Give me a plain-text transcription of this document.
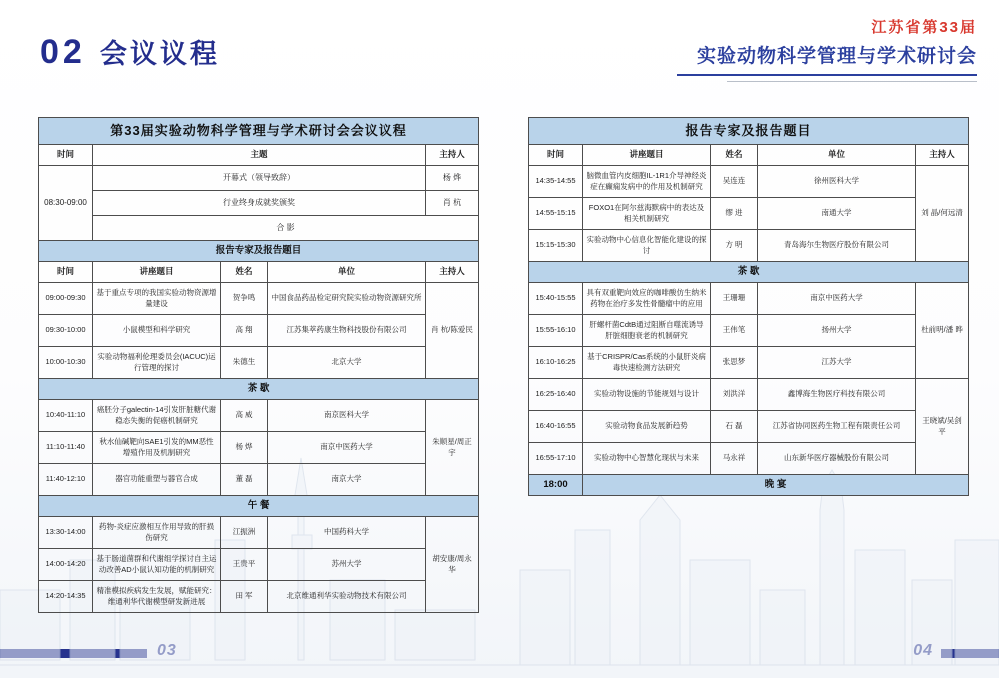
02 会议议程
江苏省第33届
实验动物科学管理与学术研讨会
第33届实验动物科学管理与学术研讨会会议议程				
时间	主题			主持人
08:30-09:00	开幕式（领导致辞）			杨 烨
	行业终身成就奖颁奖			肖 杭
	合 影			
报告专家及报告题目				
时间	讲座题目	姓名	单位	主持人
09:00-09:30	基于重点专项的我国实验动物资源增量建设	贺争鸣	中国食品药品检定研究院实验动物资源研究所	肖 杭/陈爱民
09:30-10:00	小鼠模型和科学研究	高 翔	江苏集萃药康生物科技股份有限公司	
10:00-10:30	实验动物福利伦理委员会(IACUC)运行管理的探讨	朱德生	北京大学	
茶 歇				
10:40-11:10	癌胚分子galectin-14引发肝脏糖代谢稳态失衡的促癌机制研究	高 威	南京医科大学	朱顺星/周正宇
11:10-11:40	秋水仙碱靶向SAE1引发的MM恶性增殖作用及机制研究	杨 烨	南京中医药大学	
11:40-12:10	器官功能重塑与器官合成	董 磊	南京大学	
午 餐				
13:30-14:00	药物-炎症应激相互作用导致的肝损伤研究	江振洲	中国药科大学	胡安康/周永华
14:00-14:20	基于肠道菌群和代谢组学探讨自主运动改善AD小鼠认知功能的机制研究	王贵平	苏州大学	
14:20-14:35	精准模拟疾病发生发展，赋能研究：维通利华代谢模型研发新进展	田 军	北京维通利华实验动物技术有限公司	
报告专家及报告题目				
时间	讲座题目	姓名	单位	主持人
14:35-14:55	脑微血管内皮细胞IL-1R1介导神经炎症在癫痫发病中的作用及机制研究	吴连连	徐州医科大学	刘 晶/何远清
14:55-15:15	FOXO1在阿尔兹海默病中的表达及相关机制研究	缪 进	南通大学	
15:15-15:30	实验动物中心信息化智能化建设的探讨	方 明	青岛海尔生物医疗股份有限公司	
茶 歇				
15:40-15:55	具有双重靶向效应的咖啡酸仿生纳米药物在治疗多发性骨髓瘤中的应用	王珊珊	南京中医药大学	杜前明/潘 晔
15:55-16:10	肝螺杆菌CdtB通过阻断自噬流诱导肝脏细胞衰老的机制研究	王伟笔	扬州大学	
16:10-16:25	基于CRISPR/Cas系统的小鼠肝炎病毒快速检测方法研究	张思梦	江苏大学	
16:25-16:40	实验动物设施的节能规划与设计	刘洪洋	鑫博海生物医疗科技有限公司	王晓斌/吴剑平
16:40-16:55	实验动物食品发展新趋势	石 磊	江苏省协同医药生物工程有限责任公司	
16:55-17:10	实验动物中心智慧化现状与未来	马永祥	山东新华医疗器械股份有限公司	
18:00	晚 宴			
